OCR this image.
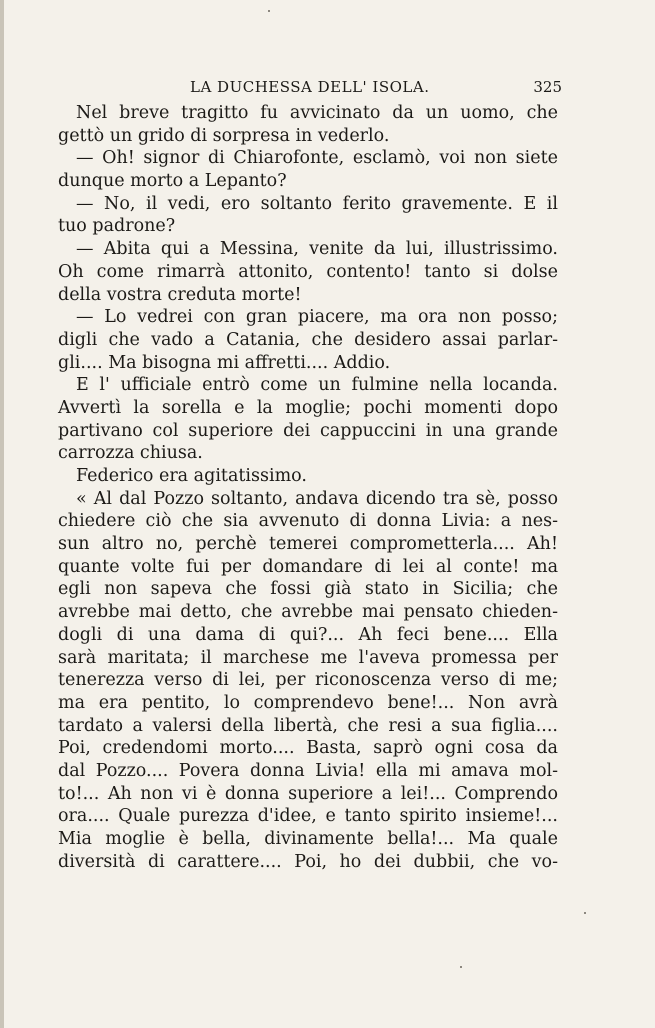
LA DUCHESSA DELL' ISOLA.	325
Nel breve tragitto fu avvicinato da un uomo, che
gettò un grido di sorpresa in vederlo.
— Oh! signor di Chiarofonte, esclamò, voi non siete
dunque morto a Lepanto?
— No, il vedi, ero soltanto ferito gravemente. E il
tuo padrone?
— Abita qui a Messina, venite da lui, illustrissimo.
Oh come rimarrà attonito, contento! tanto si dolse
della vostra creduta morte!
— Lo vedrei con gran piacere, ma ora non posso;
digli che vado a Catania, che desidero assai parlar-
gli.... Ma bisogna mi affretti.... Addio.
E l' ufficiale entrò come un fulmine nella locanda.
Avvertì la sorella e la moglie; pochi momenti dopo
partivano col superiore dei cappuccini in una grande
carrozza chiusa.
Federico era agitatissimo.
« Al dal Pozzo soltanto, andava dicendo tra sè, posso
chiedere ciò che sia avvenuto di donna Livia: a nes-
sun altro no, perchè temerei comprometterla.... Ah!
quante volte fui per domandare di lei al conte! ma
egli non sapeva che fossi già stato in Sicilia; che
avrebbe mai detto, che avrebbe mai pensato chieden-
dogli di una dama di qui?... Ah feci bene.... Ella
sarà maritata; il marchese me l'aveva promessa per
tenerezza verso di lei, per riconoscenza verso di me;
ma era pentito, lo comprendevo bene!... Non avrà
tardato a valersi della libertà, che resi a sua figlia....
Poi, credendomi morto.... Basta, saprò ogni cosa da
dal Pozzo.... Povera donna Livia! ella mi amava mol-
to!... Ah non vi è donna superiore a lei!... Comprendo
ora.... Quale purezza d'idee, e tanto spirito insieme!...
Mia moglie è bella, divinamente bella!... Ma quale
diversità di carattere.... Poi, ho dei dubbii, che vo-
